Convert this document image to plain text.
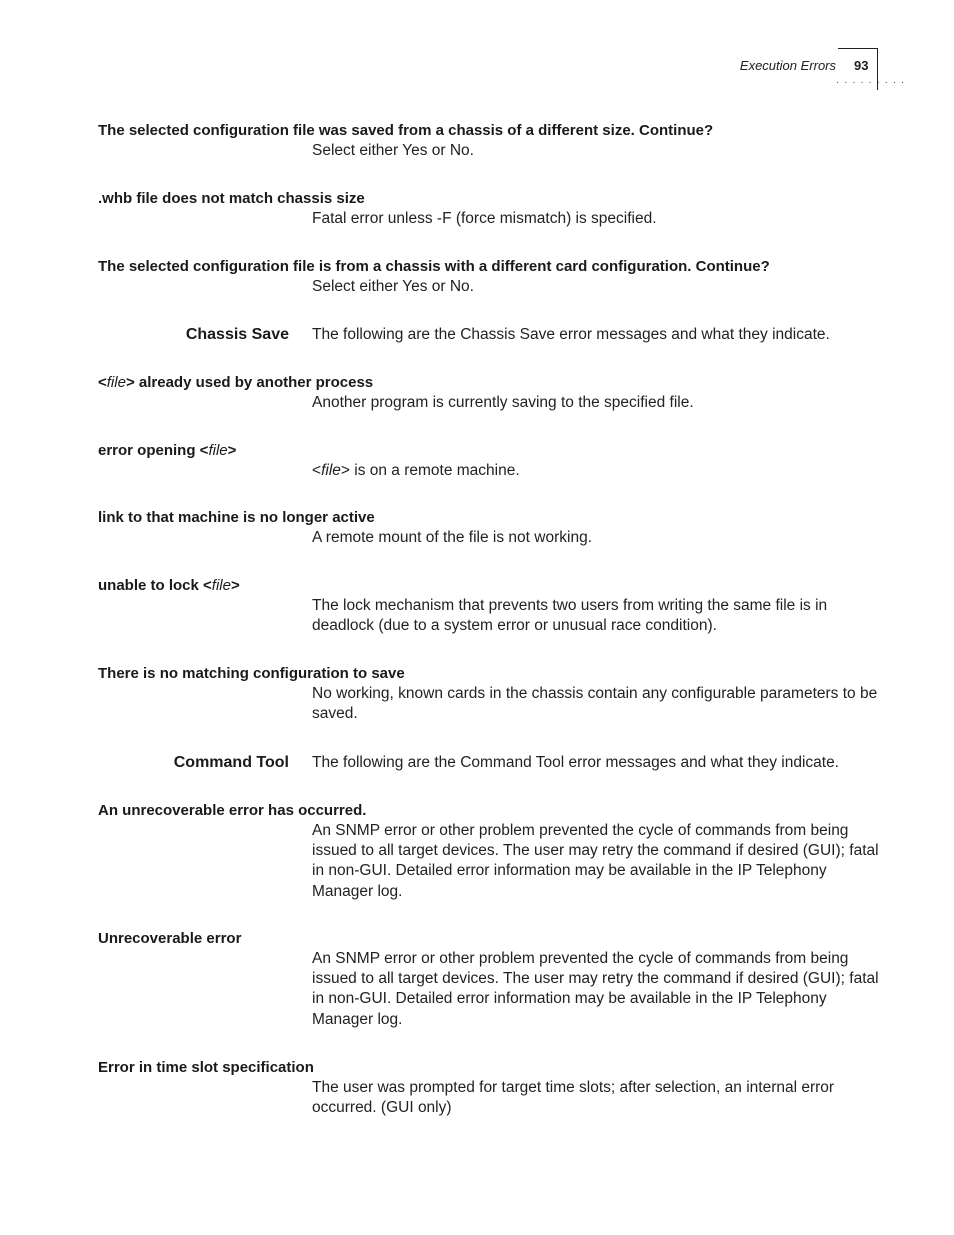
Execution Errors 93
· · · · · · · · ·
The selected configuration file was saved from a chassis of a different size. Continue?
Select either Yes or No.
.whb file does not match chassis size
Fatal error unless -F (force mismatch) is specified.
The selected configuration file is from a chassis with a different card configuration. Continue?
Select either Yes or No.
Chassis Save The following are the Chassis Save error messages and what they indicate.
<file> already used by another process
Another program is currently saving to the specified file.
error opening <file>
<file> is on a remote machine.
link to that machine is no longer active
A remote mount of the file is not working.
unable to lock <file>
The lock mechanism that prevents two users from writing the same file is in deadlock (due to a system error or unusual race condition).
There is no matching configuration to save
No working, known cards in the chassis contain any configurable parameters to be saved.
Command Tool The following are the Command Tool error messages and what they indicate.
An unrecoverable error has occurred.
An SNMP error or other problem prevented the cycle of commands from being issued to all target devices. The user may retry the command if desired (GUI); fatal in non-GUI. Detailed error information may be available in the IP Telephony Manager log.
Unrecoverable error
An SNMP error or other problem prevented the cycle of commands from being issued to all target devices. The user may retry the command if desired (GUI); fatal in non-GUI. Detailed error information may be available in the IP Telephony Manager log.
Error in time slot specification
The user was prompted for target time slots; after selection, an internal error occurred. (GUI only)
